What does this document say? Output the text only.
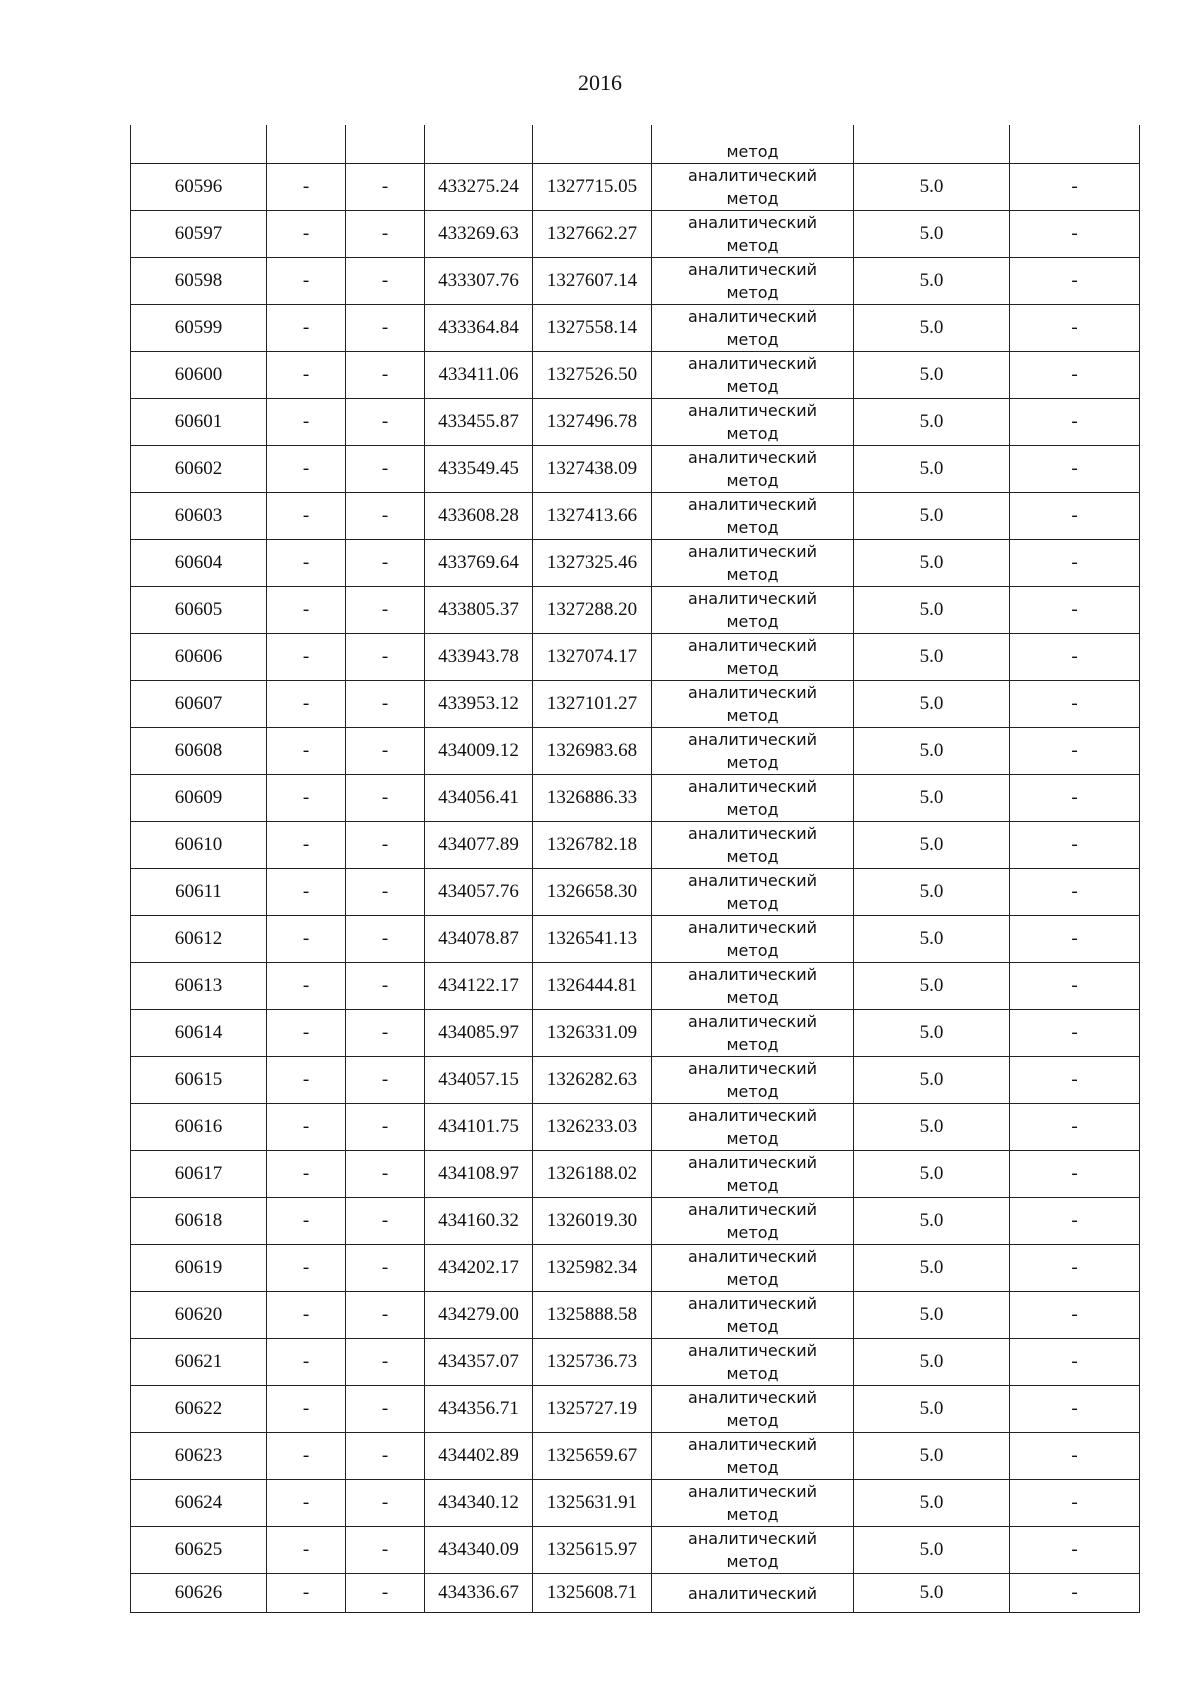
2016

					метод		

60596	-	-	433275.24	1327715.05	аналитический
метод	5.0	-
60597	-	-	433269.63	1327662.27	аналитический
метод	5.0	-
60598	-	-	433307.76	1327607.14	аналитический
метод	5.0	-
60599	-	-	433364.84	1327558.14	аналитический
метод	5.0	-
60600	-	-	433411.06	1327526.50	аналитический
метод	5.0	-
60601	-	-	433455.87	1327496.78	аналитический
метод	5.0	-
60602	-	-	433549.45	1327438.09	аналитический
метод	5.0	-
60603	-	-	433608.28	1327413.66	аналитический
метод	5.0	-
60604	-	-	433769.64	1327325.46	аналитический
метод	5.0	-
60605	-	-	433805.37	1327288.20	аналитический
метод	5.0	-
60606	-	-	433943.78	1327074.17	аналитический
метод	5.0	-
60607	-	-	433953.12	1327101.27	аналитический
метод	5.0	-
60608	-	-	434009.12	1326983.68	аналитический
метод	5.0	-
60609	-	-	434056.41	1326886.33	аналитический
метод	5.0	-
60610	-	-	434077.89	1326782.18	аналитический
метод	5.0	-
60611	-	-	434057.76	1326658.30	аналитический
метод	5.0	-
60612	-	-	434078.87	1326541.13	аналитический
метод	5.0	-
60613	-	-	434122.17	1326444.81	аналитический
метод	5.0	-
60614	-	-	434085.97	1326331.09	аналитический
метод	5.0	-
60615	-	-	434057.15	1326282.63	аналитический
метод	5.0	-
60616	-	-	434101.75	1326233.03	аналитический
метод	5.0	-
60617	-	-	434108.97	1326188.02	аналитический
метод	5.0	-
60618	-	-	434160.32	1326019.30	аналитический
метод	5.0	-
60619	-	-	434202.17	1325982.34	аналитический
метод	5.0	-
60620	-	-	434279.00	1325888.58	аналитический
метод	5.0	-
60621	-	-	434357.07	1325736.73	аналитический
метод	5.0	-
60622	-	-	434356.71	1325727.19	аналитический
метод	5.0	-
60623	-	-	434402.89	1325659.67	аналитический
метод	5.0	-
60624	-	-	434340.12	1325631.91	аналитический
метод	5.0	-
60625	-	-	434340.09	1325615.97	аналитический
метод	5.0	-
60626	-	-	434336.67	1325608.71	аналитический	5.0	-
